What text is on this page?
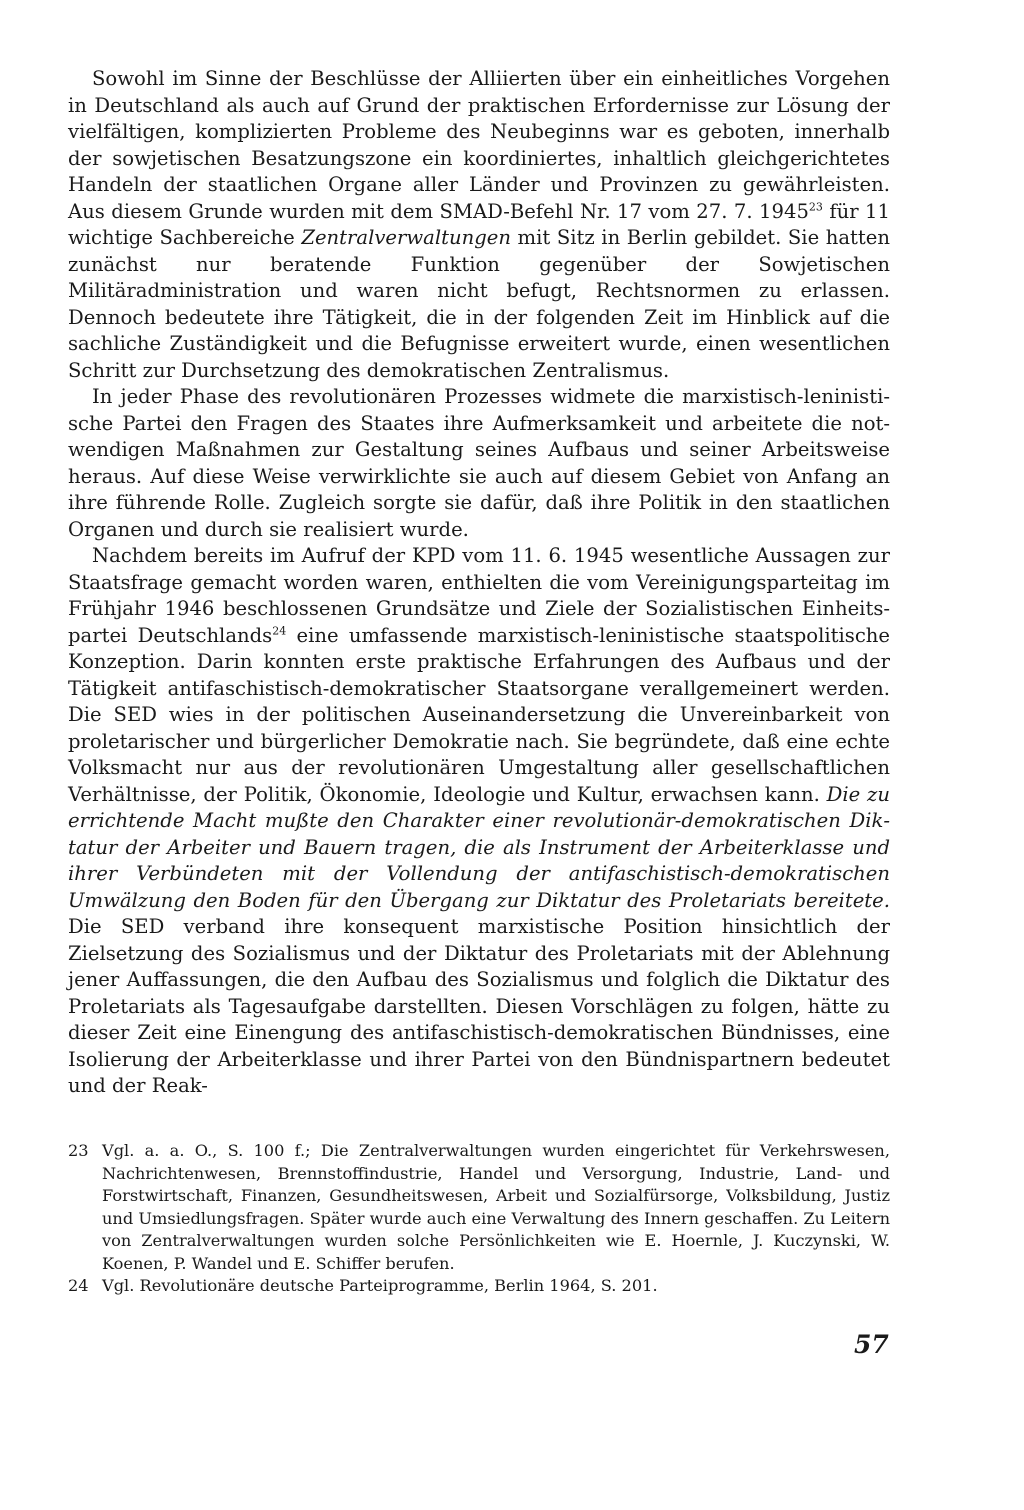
Sowohl im Sinne der Beschlüsse der Alliierten über ein einheitliches Vorgehen in Deutschland als auch auf Grund der praktischen Erfordernisse zur Lösung der vielfältigen, komplizierten Probleme des Neubeginns war es geboten, innerhalb der sowjetischen Besatzungszone ein koordiniertes, inhaltlich gleichgerichtetes Handeln der staatlichen Organe aller Länder und Provinzen zu gewährleisten. Aus diesem Grunde wurden mit dem SMAD-Befehl Nr. 17 vom 27. 7. 1945$^{23}$ für 11 wichtige Sachbereiche Zentralverwaltungen mit Sitz in Berlin gebildet. Sie hatten zunächst nur beratende Funktion gegenüber der Sowjetischen Militäradministration und waren nicht befugt, Rechtsnormen zu erlassen. Dennoch bedeutete ihre Tätigkeit, die in der folgenden Zeit im Hinblick auf die sachliche Zuständigkeit und die Befugnisse erweitert wurde, einen wesentlichen Schritt zur Durchsetzung des demokratischen Zentralismus.

In jeder Phase des revolutionären Prozesses widmete die marxistisch-leninistische Partei den Fragen des Staates ihre Aufmerksamkeit und arbeitete die notwendigen Maßnahmen zur Gestaltung seines Aufbaus und seiner Arbeitsweise heraus. Auf diese Weise verwirklichte sie auch auf diesem Gebiet von Anfang an ihre führende Rolle. Zugleich sorgte sie dafür, daß ihre Politik in den staatlichen Organen und durch sie realisiert wurde.

Nachdem bereits im Aufruf der KPD vom 11. 6. 1945 wesentliche Aussagen zur Staatsfrage gemacht worden waren, enthielten die vom Vereinigungsparteitag im Frühjahr 1946 beschlossenen Grundsätze und Ziele der Sozialistischen Einheitspartei Deutschlands$^{24}$ eine umfassende marxistisch-leninistische staatspolitische Konzeption. Darin konnten erste praktische Erfahrungen des Aufbaus und der Tätigkeit antifaschistisch-demokratischer Staatsorgane verallgemeinert werden. Die SED wies in der politischen Auseinandersetzung die Unvereinbarkeit von proletarischer und bürgerlicher Demokratie nach. Sie begründete, daß eine echte Volksmacht nur aus der revolutionären Umgestaltung aller gesellschaftlichen Verhältnisse, der Politik, Ökonomie, Ideologie und Kultur, erwachsen kann. Die zu errichtende Macht mußte den Charakter einer revolutionär-demokratischen Diktatur der Arbeiter und Bauern tragen, die als Instrument der Arbeiterklasse und ihrer Verbündeten mit der Vollendung der antifaschistisch-demokratischen Umwälzung den Boden für den Übergang zur Diktatur des Proletariats bereitete. Die SED verband ihre konsequent marxistische Position hinsichtlich der Zielsetzung des Sozialismus und der Diktatur des Proletariats mit der Ablehnung jener Auffassungen, die den Aufbau des Sozialismus und folglich die Diktatur des Proletariats als Tagesaufgabe darstellten. Diesen Vorschlägen zu folgen, hätte zu dieser Zeit eine Einengung des antifaschistisch-demokratischen Bündnisses, eine Isolierung der Arbeiterklasse und ihrer Partei von den Bündnispartnern bedeutet und der Reak-

23 Vgl. a. a. O., S. 100 f.; Die Zentralverwaltungen wurden eingerichtet für Verkehrswesen, Nachrichtenwesen, Brennstoffindustrie, Handel und Versorgung, Industrie, Land- und Forstwirtschaft, Finanzen, Gesundheitswesen, Arbeit und Sozialfürsorge, Volksbildung, Justiz und Umsiedlungsfragen. Später wurde auch eine Verwaltung des Innern geschaffen. Zu Leitern von Zentralverwaltungen wurden solche Persönlichkeiten wie E. Hoernle, J. Kuczynski, W. Koenen, P. Wandel und E. Schiffer berufen.
24 Vgl. Revolutionäre deutsche Parteiprogramme, Berlin 1964, S. 201.
57
